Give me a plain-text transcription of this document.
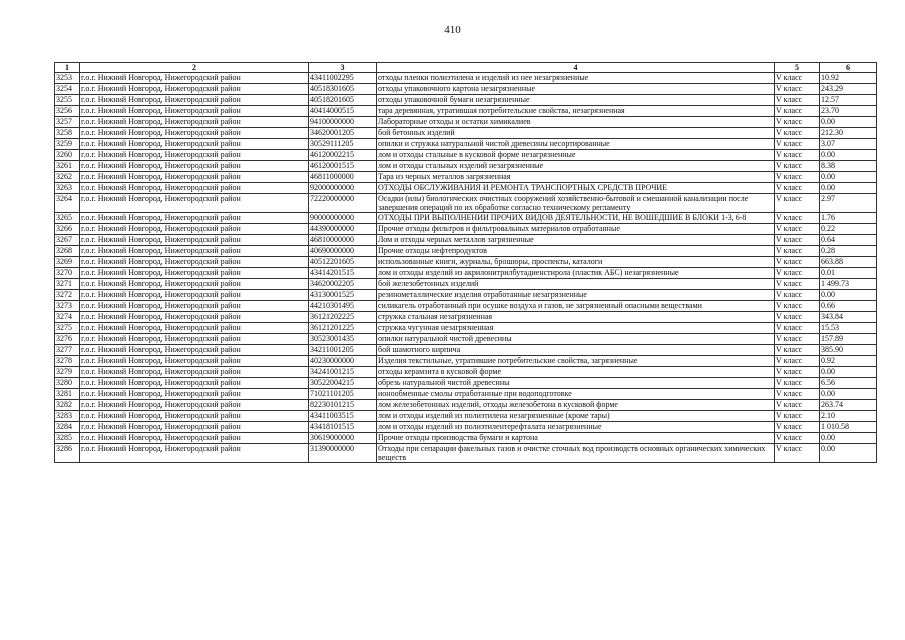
410
1	2	3	4	5	6
3253	г.о.г. Нижний Новгород, Нижегородский район	43411002295	отходы пленки полиэтилена и изделий из нее незагрязненные	V класс	10.92
3254	г.о.г. Нижний Новгород, Нижегородский район	40518301605	отходы упаковочного картона незагрязненные	V класс	243.29
3255	г.о.г. Нижний Новгород, Нижегородский район	40518201605	отходы упаковочной бумаги незагрязненные	V класс	12.57
3256	г.о.г. Нижний Новгород, Нижегородский район	40414000515	тара деревянная, утратившая потребительские свойства, незагрязненная	V класс	23.70
3257	г.о.г. Нижний Новгород, Нижегородский район	94100000000	Лабораторные отходы и остатки химикалиев	V класс	0.00
3258	г.о.г. Нижний Новгород, Нижегородский район	34620001205	бой бетонных изделий	V класс	212.30
3259	г.о.г. Нижний Новгород, Нижегородский район	30529111205	опилки и стружка натуральной чистой древесины несортированные	V класс	3.07
3260	г.о.г. Нижний Новгород, Нижегородский район	46120002215	лом и отходы стальные в кусковой форме незагрязненные	V класс	0.00
3261	г.о.г. Нижний Новгород, Нижегородский район	46120001515	лом и отходы стальных изделий незагрязненные	V класс	8.38
3262	г.о.г. Нижний Новгород, Нижегородский район	46811000000	Тара из черных металлов загрязненная	V класс	0.00
3263	г.о.г. Нижний Новгород, Нижегородский район	92000000000	ОТХОДЫ ОБСЛУЖИВАНИЯ И РЕМОНТА ТРАНСПОРТНЫХ СРЕДСТВ ПРОЧИЕ	V класс	0.00
3264	г.о.г. Нижний Новгород, Нижегородский район	72220000000	Осадки (илы) биологических очистных сооружений хозяйственно-бытовой и смешанной канализации после завершения операций по их обработке согласно техническому регламенту	V класс	2.97
3265	г.о.г. Нижний Новгород, Нижегородский район	90000000000	ОТХОДЫ ПРИ ВЫПОЛНЕНИИ ПРОЧИХ ВИДОВ ДЕЯТЕЛЬНОСТИ, НЕ ВОШЕДШИЕ В БЛОКИ 1-3, 6-8	V класс	1.76
3266	г.о.г. Нижний Новгород, Нижегородский район	44390000000	Прочие отходы фильтров и фильтровальных материалов отработанные	V класс	0.22
3267	г.о.г. Нижний Новгород, Нижегородский район	46810000000	Лом и отходы черных металлов загрязненные	V класс	0.64
3268	г.о.г. Нижний Новгород, Нижегородский район	40690000000	Прочие отходы нефтепродуктов	V класс	0.28
3269	г.о.г. Нижний Новгород, Нижегородский район	40512201605	использованные книги, журналы, брошюры, проспекты, каталоги	V класс	663.88
3270	г.о.г. Нижний Новгород, Нижегородский район	43414201515	лом и отходы изделий из акрилонитрилбутадиенстирола (пластик АБС) незагрязненные	V класс	0.01
3271	г.о.г. Нижний Новгород, Нижегородский район	34620002205	бой железобетонных изделий	V класс	1 499.73
3272	г.о.г. Нижний Новгород, Нижегородский район	43130001525	резинометаллические изделия отработанные незагрязненные	V класс	0.00
3273	г.о.г. Нижний Новгород, Нижегородский район	44210301495	силикагель отработанный при осушке воздуха и газов, не загрязненный опасными веществами	V класс	0.66
3274	г.о.г. Нижний Новгород, Нижегородский район	36121202225	стружка стальная незагрязненная	V класс	343.84
3275	г.о.г. Нижний Новгород, Нижегородский район	36121201225	стружка чугунная незагрязненная	V класс	15.53
3276	г.о.г. Нижний Новгород, Нижегородский район	30523001435	опилки натуральной чистой древесины	V класс	157.89
3277	г.о.г. Нижний Новгород, Нижегородский район	34211001205	бой шамотного кирпича	V класс	385.90
3278	г.о.г. Нижний Новгород, Нижегородский район	40230000000	Изделия текстильные, утратившие потребительские свойства, загрязненные	V класс	0.92
3279	г.о.г. Нижний Новгород, Нижегородский район	34241001215	отходы керамзита в кусковой форме	V класс	0.00
3280	г.о.г. Нижний Новгород, Нижегородский район	30522004215	обрезь натуральной чистой древесины	V класс	6.56
3281	г.о.г. Нижний Новгород, Нижегородский район	71021101205	ионообменные смолы отработанные при водоподготовке	V класс	0.00
3282	г.о.г. Нижний Новгород, Нижегородский район	82230101215	лом железобетонных изделий, отходы железобетона в кусковой форме	V класс	263.74
3283	г.о.г. Нижний Новгород, Нижегородский район	43411003515	лом и отходы изделий из полиэтилена незагрязненные (кроме тары)	V класс	2.10
3284	г.о.г. Нижний Новгород, Нижегородский район	43418101515	лом и отходы изделий из полиэтилентерефталата незагрязненные	V класс	1 010.58
3285	г.о.г. Нижний Новгород, Нижегородский район	30619000000	Прочие отходы производства бумаги и картона	V класс	0.00
3286	г.о.г. Нижний Новгород, Нижегородский район	31390000000	Отходы при сепарации факельных газов и очистке сточных вод производств основных органических химических веществ	V класс	0.00
